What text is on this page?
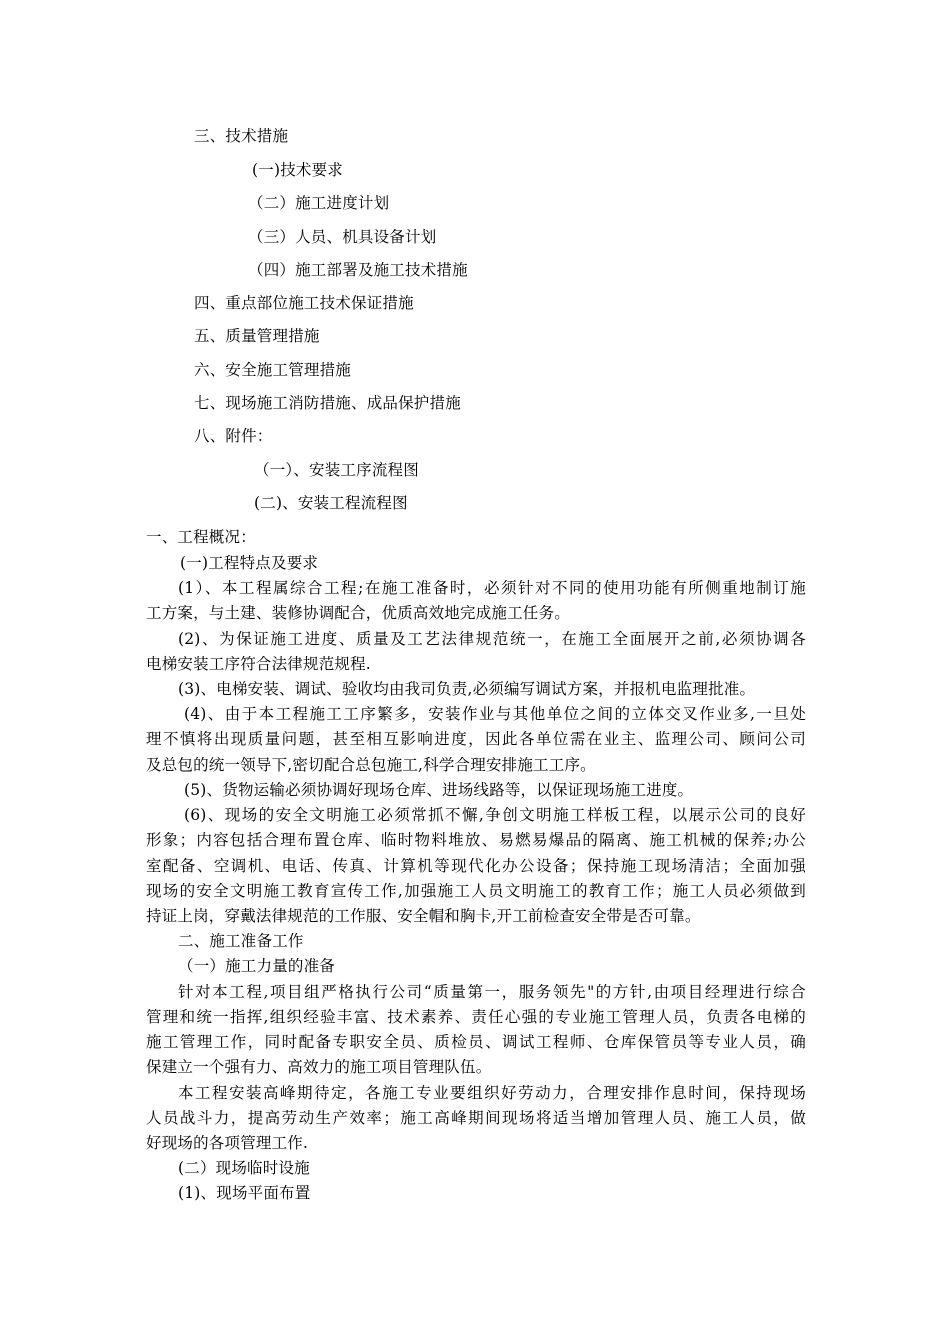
三、技术措施
(一)技术要求
（二）施工进度计划
（三）人员、机具设备计划
（四）施工部署及施工技术措施
四、重点部位施工技术保证措施
五、质量管理措施
六、安全施工管理措施
七、现场施工消防措施、成品保护措施
八、附件：
（一）、安装工序流程图
(二)、安装工程流程图
一、工程概况：
(一)工程特点及要求
(1）、本工程属综合工程;在施工准备时，必须针对不同的使用功能有所侧重地制订施
工方案，与土建、装修协调配合，优质高效地完成施工任务。
(2)、为保证施工进度、质量及工艺法律规范统一，在施工全面展开之前,必须协调各
电梯安装工序符合法律规范规程.
(3)、电梯安装、调试、验收均由我司负责,必须编写调试方案，并报机电监理批准。
(4)、由于本工程施工工序繁多，安装作业与其他单位之间的立体交叉作业多,一旦处
理不慎将出现质量问题，甚至相互影响进度，因此各单位需在业主、监理公司、顾问公司
及总包的统一领导下,密切配合总包施工,科学合理安排施工工序。
(5)、货物运输必须协调好现场仓库、进场线路等，以保证现场施工进度。
(6)、现场的安全文明施工必须常抓不懈,争创文明施工样板工程，以展示公司的良好
形象；内容包括合理布置仓库、临时物料堆放、易燃易爆品的隔离、施工机械的保养;办公
室配备、空调机、电话、传真、计算机等现代化办公设备；保持施工现场清洁；全面加强
现场的安全文明施工教育宣传工作,加强施工人员文明施工的教育工作；施工人员必须做到
持证上岗，穿戴法律规范的工作服、安全帽和胸卡,开工前检查安全带是否可靠。
二、施工准备工作
（一）施工力量的准备
针对本工程,项目组严格执行公司“质量第一，服务领先"的方针,由项目经理进行综合
管理和统一指挥,组织经验丰富、技术素养、责任心强的专业施工管理人员，负责各电梯的
施工管理工作，同时配备专职安全员、质检员、调试工程师、仓库保管员等专业人员，确
保建立一个强有力、高效力的施工项目管理队伍。
本工程安装高峰期待定，各施工专业要组织好劳动力，合理安排作息时间，保持现场
人员战斗力，提高劳动生产效率；施工高峰期间现场将适当增加管理人员、施工人员，做
好现场的各项管理工作.
(二）现场临时设施
(1)、现场平面布置
